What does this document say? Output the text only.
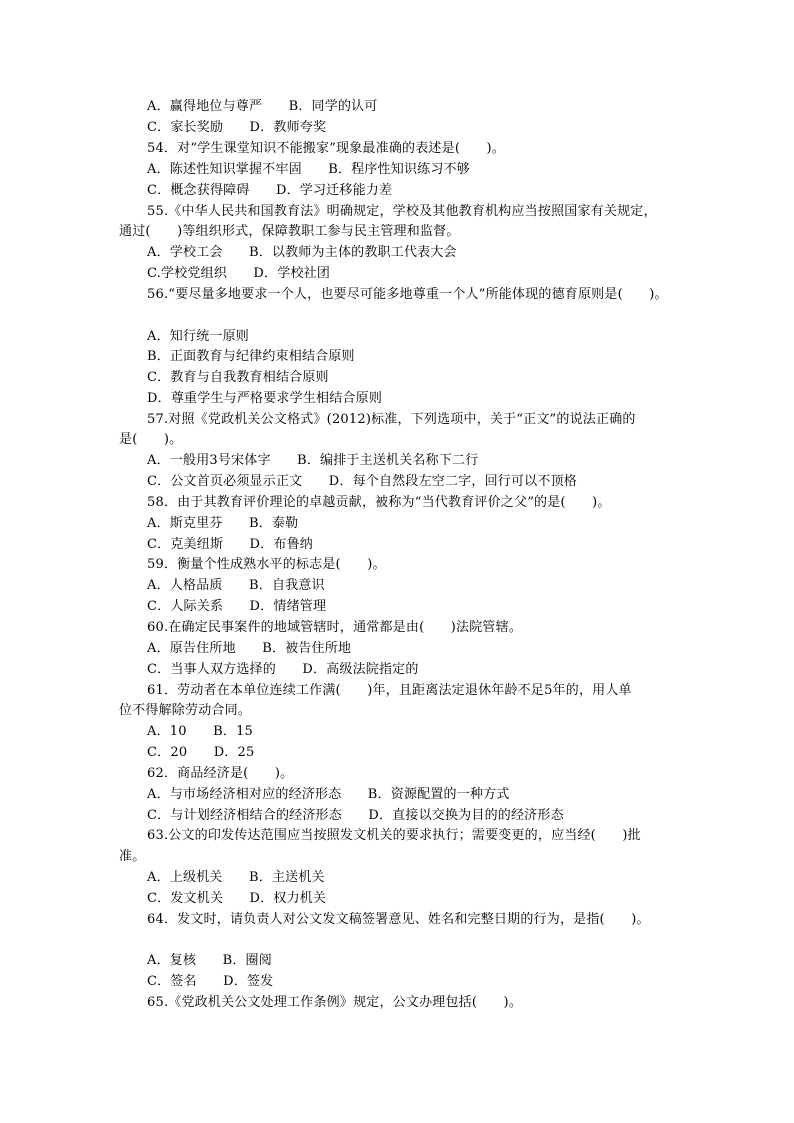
A．赢得地位与尊严　　B．同学的认可
C．家长奖励　　D．教师夸奖
54．对“学生课堂知识不能搬家”现象最准确的表述是(　　)。
A．陈述性知识掌握不牢固　　B．程序性知识练习不够
C．概念获得障碍　　D．学习迁移能力差
55.《中华人民共和国教育法》明确规定，学校及其他教育机构应当按照国家有关规定，
通过(　　)等组织形式，保障教职工参与民主管理和监督。
A．学校工会　　B．以教师为主体的教职工代表大会
C.学校党组织　　D．学校社团
56.“要尽量多地要求一个人，也要尽可能多地尊重一个人”所能体现的德育原则是(　　)。
A．知行统一原则
B．正面教育与纪律约束相结合原则
C．教育与自我教育相结合原则
D．尊重学生与严格要求学生相结合原则
57.对照《党政机关公文格式》(2012)标准，下列选项中，关于“正文”的说法正确的
是(　　)。
A．一般用3号宋体字　　B．编排于主送机关名称下二行
C．公文首页必须显示正文　　D．每个自然段左空二字，回行可以不顶格
58．由于其教育评价理论的卓越贡献，被称为“当代教育评价之父”的是(　　)。
A．斯克里芬　　B．泰勒
C．克美纽斯　　D．布鲁纳
59．衡量个性成熟水平的标志是(　　)。
A．人格品质　　B．自我意识
C．人际关系　　D．情绪管理
60.在确定民事案件的地域管辖时，通常都是由(　　)法院管辖。
A．原告住所地　　B．被告住所地
C．当事人双方选择的　　D．高级法院指定的
61．劳动者在本单位连续工作满(　　)年，且距离法定退休年龄不足5年的，用人单
位不得解除劳动合同。
A．10　　B．15
C．20　　D．25
62．商品经济是(　　)。
A．与市场经济相对应的经济形态　　B．资源配置的一种方式
C．与计划经济相结合的经济形态　　D．直接以交换为目的的经济形态
63.公文的印发传达范围应当按照发文机关的要求执行；需要变更的，应当经(　　)批
准。
A．上级机关　　B．主送机关
C．发文机关　　D．权力机关
64．发文时，请负责人对公文发文稿签署意见、姓名和完整日期的行为，是指(　　)。
A．复核　　B．圈阅
C．签名　　D．签发
65.《党政机关公文处理工作条例》规定，公文办理包括(　　)。
